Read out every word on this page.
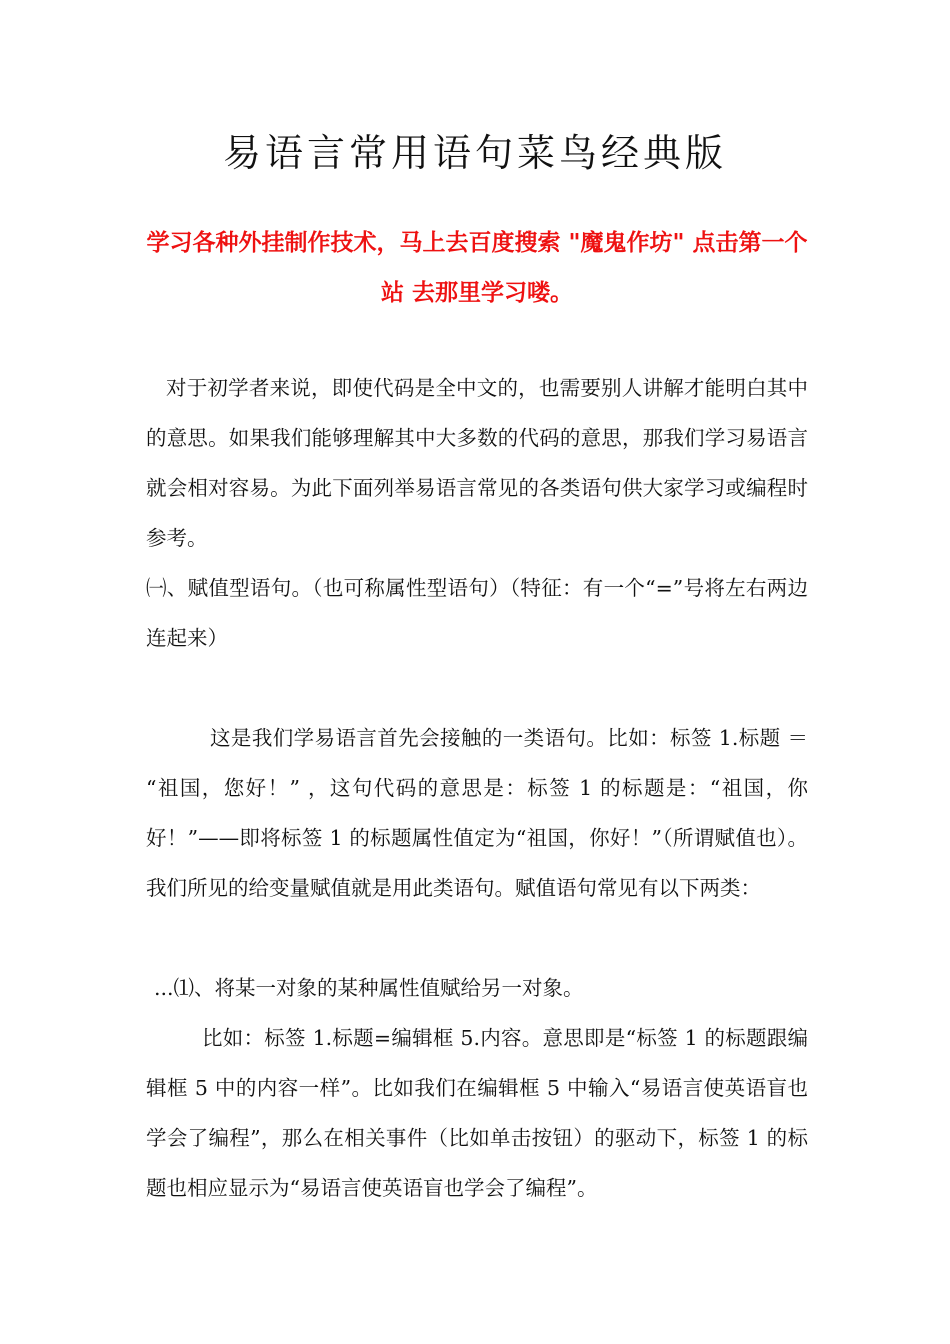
易语言常用语句菜鸟经典版

学习各种外挂制作技术，马上去百度搜索 "魔鬼作坊" 点击第一个站 去那里学习喽。

对于初学者来说，即使代码是全中文的，也需要别人讲解才能明白其中的意思。如果我们能够理解其中大多数的代码的意思，那我们学习易语言就会相对容易。为此下面列举易语言常见的各类语句供大家学习或编程时参考。

㈠、赋值型语句。（也可称属性型语句）（特征：有一个“=”号将左右两边连起来）

这是我们学易语言首先会接触的一类语句。比如：标签 1.标题 ＝ “祖国，您好！” ，这句代码的意思是：标签 1 的标题是：“祖国，你好！”——即将标签 1 的标题属性值定为“祖国，你好！”（所谓赋值也）。我们所见的给变量赋值就是用此类语句。赋值语句常见有以下两类：

...⑴、将某一对象的某种属性值赋给另一对象。

比如：标签 1.标题=编辑框 5.内容。意思即是“标签 1 的标题跟编辑框 5 中的内容一样”。比如我们在编辑框 5 中输入“易语言使英语盲也学会了编程”，那么在相关事件（比如单击按钮）的驱动下，标签 1 的标题也相应显示为“易语言使英语盲也学会了编程”。
